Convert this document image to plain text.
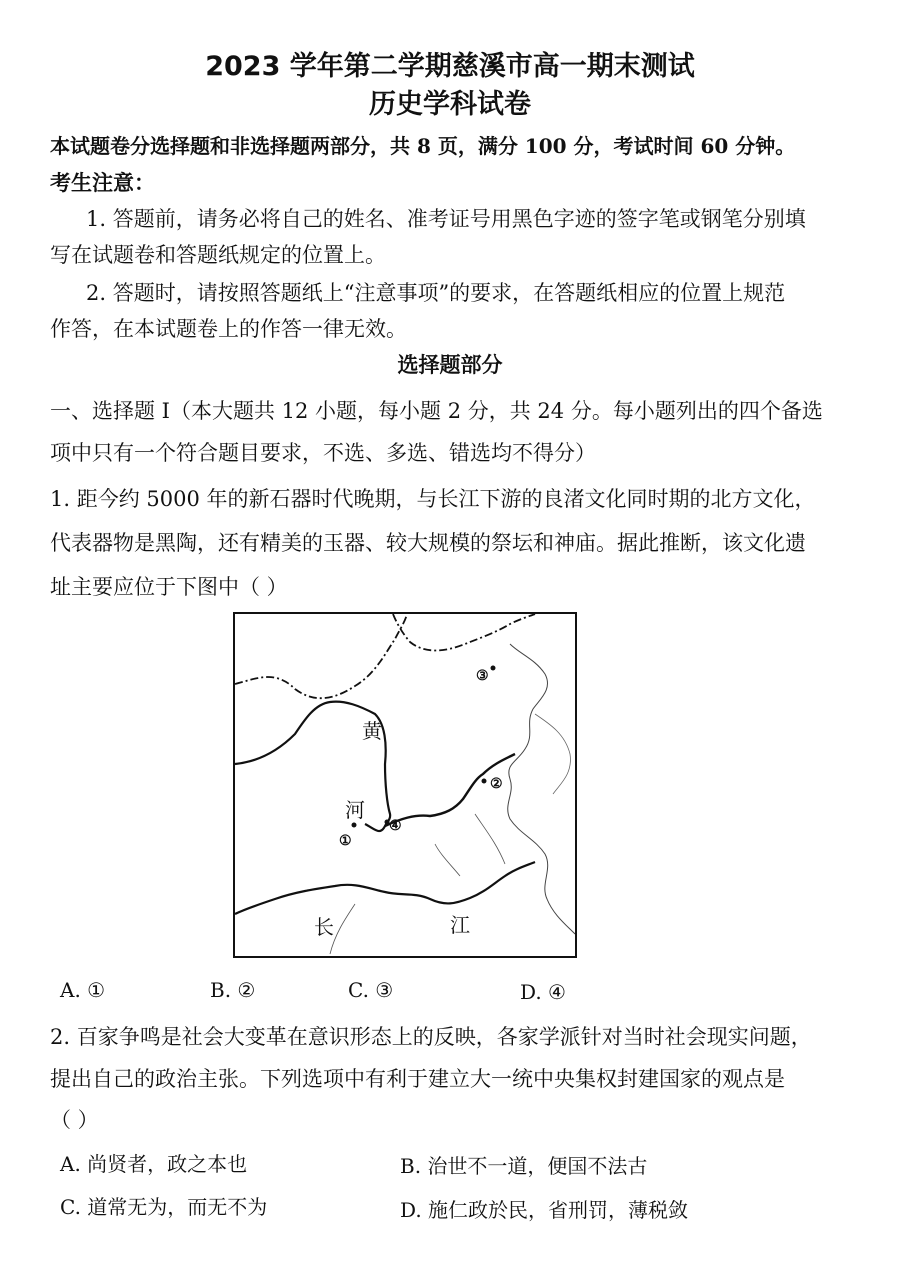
2023 学年第二学期慈溪市高一期末测试
历史学科试卷
本试题卷分选择题和非选择题两部分，共 8 页，满分 100 分，考试时间 60 分钟。
考生注意：
1. 答题前，请务必将自己的姓名、准考证号用黑色字迹的签字笔或钢笔分别填
写在试题卷和答题纸规定的位置上。
2. 答题时，请按照答题纸上“注意事项”的要求，在答题纸相应的位置上规范
作答，在本试题卷上的作答一律无效。
选择题部分
一、选择题 I（本大题共 12 小题，每小题 2 分，共 24 分。每小题列出的四个备选
项中只有一个符合题目要求，不选、多选、错选均不得分）
1. 距今约 5000 年的新石器时代晚期，与长江下游的良渚文化同时期的北方文化，
代表器物是黑陶，还有精美的玉器、较大规模的祭坛和神庙。据此推断，该文化遗
址主要应位于下图中（ ）
黄
河
长	江
①
②
③
④
A. ①	B. ②	C. ③	D. ④
2. 百家争鸣是社会大变革在意识形态上的反映，各家学派针对当时社会现实问题，
提出自己的政治主张。下列选项中有利于建立大一统中央集权封建国家的观点是
（ ）
A. 尚贤者，政之本也	B. 治世不一道，便国不法古
C. 道常无为，而无不为	D. 施仁政於民，省刑罚，薄税敛
